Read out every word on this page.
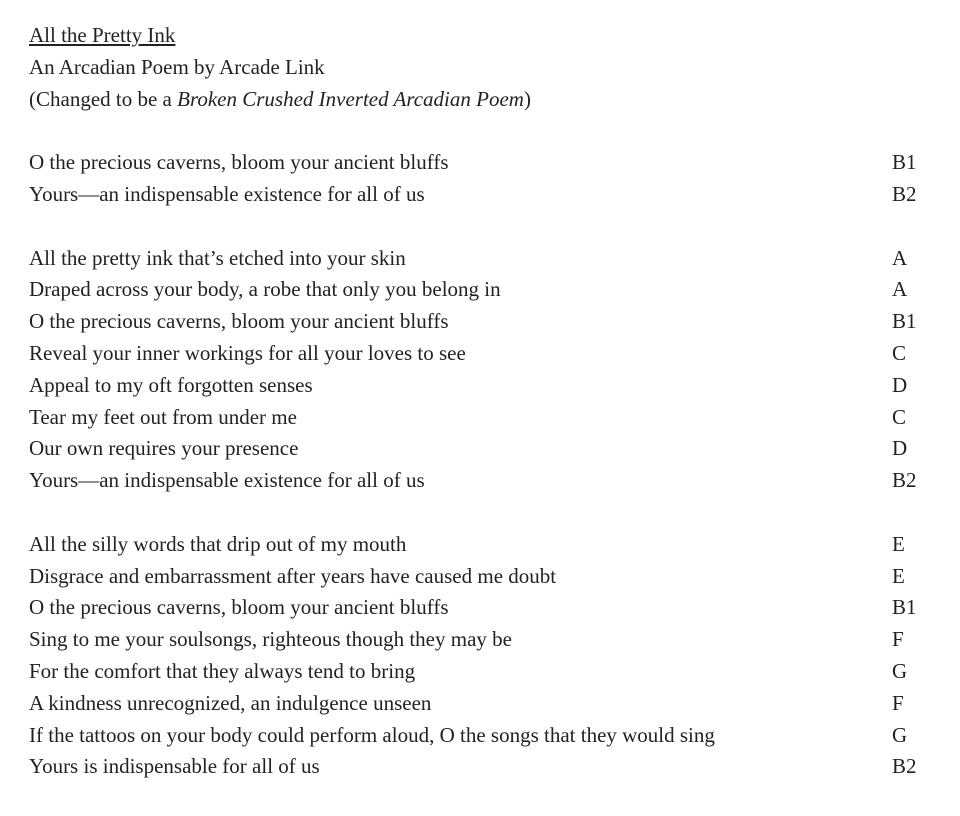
All the Pretty Ink
An Arcadian Poem by Arcade Link
(Changed to be a Broken Crushed Inverted Arcadian Poem)
O the precious caverns, bloom your ancient bluffs	B1
Yours—an indispensable existence for all of us	B2
All the pretty ink that’s etched into your skin	A
Draped across your body, a robe that only you belong in	A
O the precious caverns, bloom your ancient bluffs	B1
Reveal your inner workings for all your loves to see	C
Appeal to my oft forgotten senses	D
Tear my feet out from under me	C
Our own requires your presence	D
Yours—an indispensable existence for all of us	B2
All the silly words that drip out of my mouth	E
Disgrace and embarrassment after years have caused me doubt	E
O the precious caverns, bloom your ancient bluffs	B1
Sing to me your soulsongs, righteous though they may be	F
For the comfort that they always tend to bring	G
A kindness unrecognized, an indulgence unseen	F
If the tattoos on your body could perform aloud, O the songs that they would sing	G
Yours is indispensable for all of us	B2
